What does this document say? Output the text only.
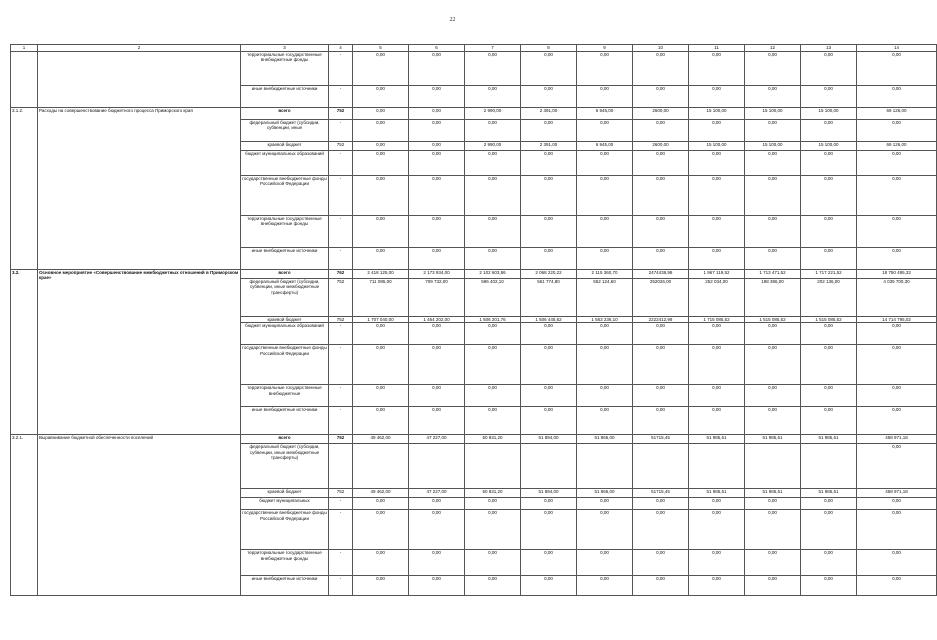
22
1	2	3	4	5	6	7	8	9	10	11	12	13	14
		территориальные государственные внебюджетные фонды	-	0,00	0,00	0,00	0,00	0,00	0,00	0,00	0,00	0,00	0,00
		иные внебюджетные источники	-	0,00	0,00	0,00	0,00	0,00	0,00	0,00	0,00	0,00	0,00
3.1.2.	Расходы на совершенствование бюджетного процесса Приморского края	всего	752	0,00	0,00	2 990,00	2 391,00	6 945,00	2600,00	15 100,00	15 100,00	15 100,00	69 126,00
		федеральный бюджет (субсидии, субвенции, иные	-	0,00	0,00	0,00	0,00	0,00	0,00	0,00	0,00	0,00	0,00
		краевой бюджет	752	0,00	0,00	2 990,00	2 391,00	6 945,00	2600,00	15 100,00	15 100,00	15 100,00	69 126,00
		бюджет муниципальных образований	-	0,00	0,00	0,00	0,00	0,00	0,00	0,00	0,00	0,00	0,00
		государственные внебюджетные фонды Российской Федерации	-	0,00	0,00	0,00	0,00	0,00	0,00	0,00	0,00	0,00	0,00
		территориальные государственные внебюджетные фонды	-	0,00	0,00	0,00	0,00	0,00	0,00	0,00	0,00	0,00	0,00
		иные внебюджетные источники	-	0,00	0,00	0,00	0,00	0,00	0,00	0,00	0,00	0,00	0,00
3.2.	Основное мероприятие «Совершенствование межбюджетных отношений в Приморском крае»	всего	762	2 418 125,00	2 173 934,00	2 102 603,86	2 068 220,22	2 115 360,70	2474438,98	1 967 119,52	1 713 471,52	1 717 221,52	18 750 495,32
		федеральный бюджет (субсидии, субвенции, иные межбюджетные трансферты)	752	711 085,00	709 732,00	596 402,10	561 774,80	552 124,60	252026,00	252 034,00	198 386,00	202 136,00	4 035 700,30
		краевой бюджет	752	1 707 040,00	1 464 202,00	1 506 201,76	1 506 445,62	1 563 236,10	2222412,98	1 715 085,52	1 515 085,52	1 515 085,52	14 714 795,02
		бюджет муниципальных образований	-	0,00	0,00	0,00	0,00	0,00	0,00	0,00	0,00	0,00	0,00
		государственные внебюджетные фонды Российской Федерации	-	0,00	0,00	0,00	0,00	0,00	0,00	0,00	0,00	0,00	0,00
		территориальные государственные внебюджетные	-	0,00	0,00	0,00	0,00	0,00	0,00	0,00	0,00	0,00	0,00
		иные внебюджетные источники	-	0,00	0,00	0,00	0,00	0,00	0,00	0,00	0,00	0,00	0,00
3.2.1.	Выравнивание бюджетной обеспеченности поселений	всего	752	49 462,00	47 227,00	50 831,20	51 894,00	51 865,00	51715,45	51 985,51	51 985,51	51 985,51	458 971,18
		федеральный бюджет (субсидии, субвенции, иные межбюджетные трансферты)											0,00
		краевой бюджет	752	49 462,00	47 227,00	50 831,20	51 894,00	51 865,00	51715,45	51 985,51	51 985,51	51 985,51	458 971,18
		бюджет муниципальных	-	0,00	0,00	0,00	0,00	0,00	0,00	0,00	0,00	0,00	0,00
		государственные внебюджетные фонды Российской Федерации	-	0,00	0,00	0,00	0,00	0,00	0,00	0,00	0,00	0,00	0,00
		территориальные государственные внебюджетные фонды	-	0,00	0,00	0,00	0,00	0,00	0,00	0,00	0,00	0,00	0,00
		иные внебюджетные источники	-	0,00	0,00	0,00	0,00	0,00	0,00	0,00	0,00	0,00	0,00
